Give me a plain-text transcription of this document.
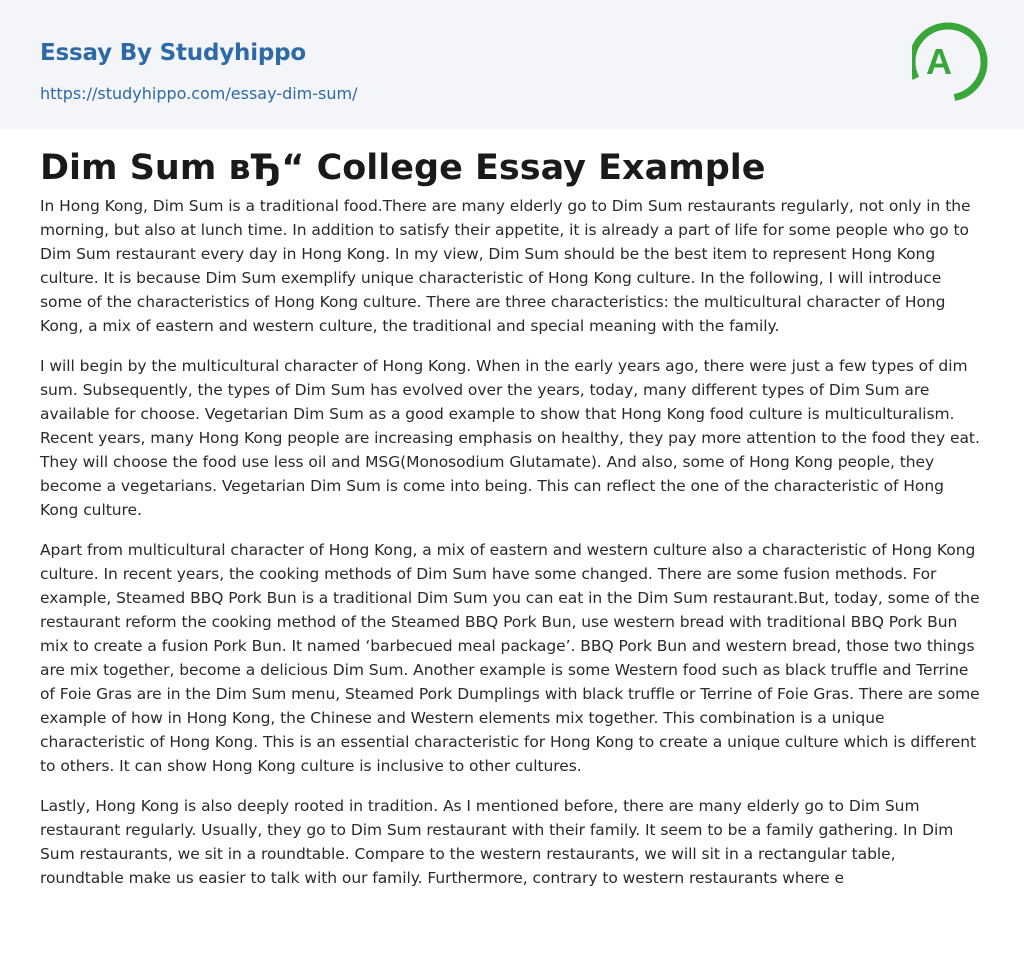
Essay By Studyhippo
https://studyhippo.com/essay-dim-sum/
A
Dim Sum вЂ“ College Essay Example

In Hong Kong, Dim Sum is a traditional food.There are many elderly go to Dim Sum restaurants regularly, not only in the morning, but also at lunch time. In addition to satisfy their appetite, it is already a part of life for some people who go to Dim Sum restaurant every day in Hong Kong. In my view, Dim Sum should be the best item to represent Hong Kong culture. It is because Dim Sum exemplify unique characteristic of Hong Kong culture. In the following, I will introduce some of the characteristics of Hong Kong culture. There are three characteristics: the multicultural character of Hong Kong, a mix of eastern and western culture, the traditional and special meaning with the family.

I will begin by the multicultural character of Hong Kong. When in the early years ago, there were just a few types of dim sum. Subsequently, the types of Dim Sum has evolved over the years, today, many different types of Dim Sum are available for choose. Vegetarian Dim Sum as a good example to show that Hong Kong food culture is multiculturalism. Recent years, many Hong Kong people are increasing emphasis on healthy, they pay more attention to the food they eat. They will choose the food use less oil and MSG(Monosodium Glutamate). And also, some of Hong Kong people, they become a vegetarians. Vegetarian Dim Sum is come into being. This can reflect the one of the characteristic of Hong Kong culture.

Apart from multicultural character of Hong Kong, a mix of eastern and western culture also a characteristic of Hong Kong culture. In recent years, the cooking methods of Dim Sum have some changed. There are some fusion methods. For example, Steamed BBQ Pork Bun is a traditional Dim Sum you can eat in the Dim Sum restaurant.But, today, some of the restaurant reform the cooking method of the Steamed BBQ Pork Bun, use western bread with traditional BBQ Pork Bun mix to create a fusion Pork Bun. It named ‘barbecued meal package’. BBQ Pork Bun and western bread, those two things are mix together, become a delicious Dim Sum. Another example is some Western food such as black truffle and Terrine of Foie Gras are in the Dim Sum menu, Steamed Pork Dumplings with black truffle or Terrine of Foie Gras. There are some example of how in Hong Kong, the Chinese and Western elements mix together. This combination is a unique characteristic of Hong Kong. This is an essential characteristic for Hong Kong to create a unique culture which is different to others. It can show Hong Kong culture is inclusive to other cultures.

Lastly, Hong Kong is also deeply rooted in tradition. As I mentioned before, there are many elderly go to Dim Sum restaurant regularly. Usually, they go to Dim Sum restaurant with their family. It seem to be a family gathering. In Dim Sum restaurants, we sit in a roundtable. Compare to the western restaurants, we will sit in a rectangular table, roundtable make us easier to talk with our family. Furthermore, contrary to western restaurants where e
